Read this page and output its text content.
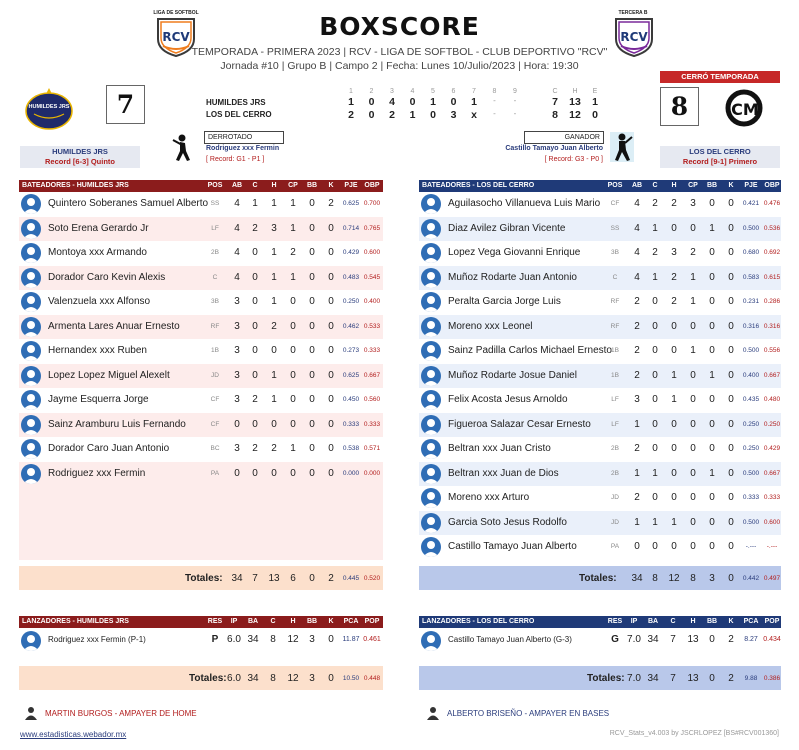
BOXSCORE
TEMPORADA - PRIMERA 2023 | RCV - LIGA DE SOFTBOL - CLUB DEPORTIVO "RCV"
Jornada #10 | Grupo B | Campo 2 | Fecha: Lunes 10/Julio/2023 | Hora: 19:30
LIGA DE SOFTBOL
RCV
TERCERA B
RCV
HUMILDES JRS	7	CM
CERRÓ TEMPORADA
8
HUMILDES JRS
Record [6-3] Quinto
LOS DEL CERRO
Record [9-1] Primero
HUMILDES JRS
LOS DEL CERRO
1	2	3	4	5	6	7	8	9	C	H	E
1	0	4	0	1	0	1	-	-	7	13	1
2	0	2	1	0	3	x	-	-	8	12	0
DERROTADO
Rodriguez xxx Fermin
[ Record: G1 - P1 ]
GANADOR
Castillo Tamayo Juan Alberto
[ Record: G3 - P0 ]
BATEADORES - HUMILDES JRS	POS	AB	C	H	CP	BB	K	PJE OBP
Quintero Soberanes Samuel Alberto SS	4	1	1	1	0	2	0.625 0.700
Soto Erena Gerardo Jr	LF	4	2	3	1	0	0	0.714 0.765
Montoya xxx Armando	2B	4	0	1	2	0	0	0.429 0.600
Dorador Caro Kevin Alexis	C	4	0	1	1	0	0	0.483 0.545
Valenzuela xxx Alfonso	3B	3	0	1	0	0	0	0.250 0.400
Armenta Lares Anuar Ernesto	RF	3	0	2	0	0	0	0.462 0.533
Hernandex xxx Ruben	1B	3	0	0	0	0	0	0.273 0.333
Lopez Lopez Miguel Alexelt	JD	3	0	1	0	0	0	0.625 0.667
Jayme Esquerra Jorge	CF	3	2	1	0	0	0	0.450 0.560
Sainz Aramburu Luis Fernando	CF	0	0	0	0	0	0	0.333 0.333
Dorador Caro Juan Antonio	BC	3	2	2	1	0	0	0.538 0.571
Rodriguez xxx Fermin	PA	0	0	0	0	0	0	0.000 0.000
Totales: 34 7	13	6	0	2	0.445 0.520
BATEADORES - LOS DEL CERRO	POS	AB	C	H	CP	BB	K	PJE OBP
Aguilasocho Villanueva Luis Mario	CF	4	2	2	3	0	0	0.421 0.476
Diaz Avilez Gibran Vicente	SS	4	1	0	0	1	0	0.500 0.536
Lopez Vega Giovanni Enrique	3B	4	2	3	2	0	0	0.680 0.692
Muñoz Rodarte Juan Antonio	C	4	1	2	1	0	0	0.583 0.615
Peralta Garcia Jorge Luis	RF	2	0	2	1	0	0	0.231 0.286
Moreno xxx Leonel	RF	2	0	0	0	0	0	0.316 0.316
Sainz Padilla Carlos Michael Ernesto 1B	2	0	0	1	0	0	0.500 0.556
Muñoz Rodarte Josue Daniel	1B	2	0	1	0	1	0	0.400 0.667
Felix Acosta Jesus Arnoldo	LF	3	0	1	0	0	0	0.435 0.480
Figueroa Salazar Cesar Ernesto	LF	1	0	0	0	0	0	0.250 0.250
Beltran xxx Juan Cristo	2B	2	0	0	0	0	0	0.250 0.429
Beltran xxx Juan de Dios	2B	1	1	0	0	1	0	0.500 0.667
Moreno xxx Arturo	JD	2	0	0	0	0	0	0.333 0.333
Garcia Soto Jesus Rodolfo	JD	1	1	1	0	0	0	0.500 0.600
Castillo Tamayo Juan Alberto	PA	0	0	0	0	0	0	-.---	-.---
Totales: 34 8	12	8	3	0	0.442 0.497
LANZADORES - HUMILDES JRS	RES	IP	BA	C	H	BB	K	PCA POP
Rodriguez xxx Fermin (P-1)	P 6.0 34	8	12	3	0	11.87 0.461
Totales: 6.0 34	8	12	3	0	10.50 0.448
LANZADORES - LOS DEL CERRO	RES	IP	BA	C	H	BB	K	PCA POP
Castillo Tamayo Juan Alberto (G-3)	G 7.0 34	7	13	0	2	8.27 0.434
Totales: 7.0 34	7	13	0	2	9.88	0.386
MARTIN BURGOS - AMPAYER DE HOME	ALBERTO BRISEÑO - AMPAYER EN BASES
www.estadisticas.webador.mx	RCV_Stats_v4.003 by JSCRLOPEZ [BS#RCV001360]
